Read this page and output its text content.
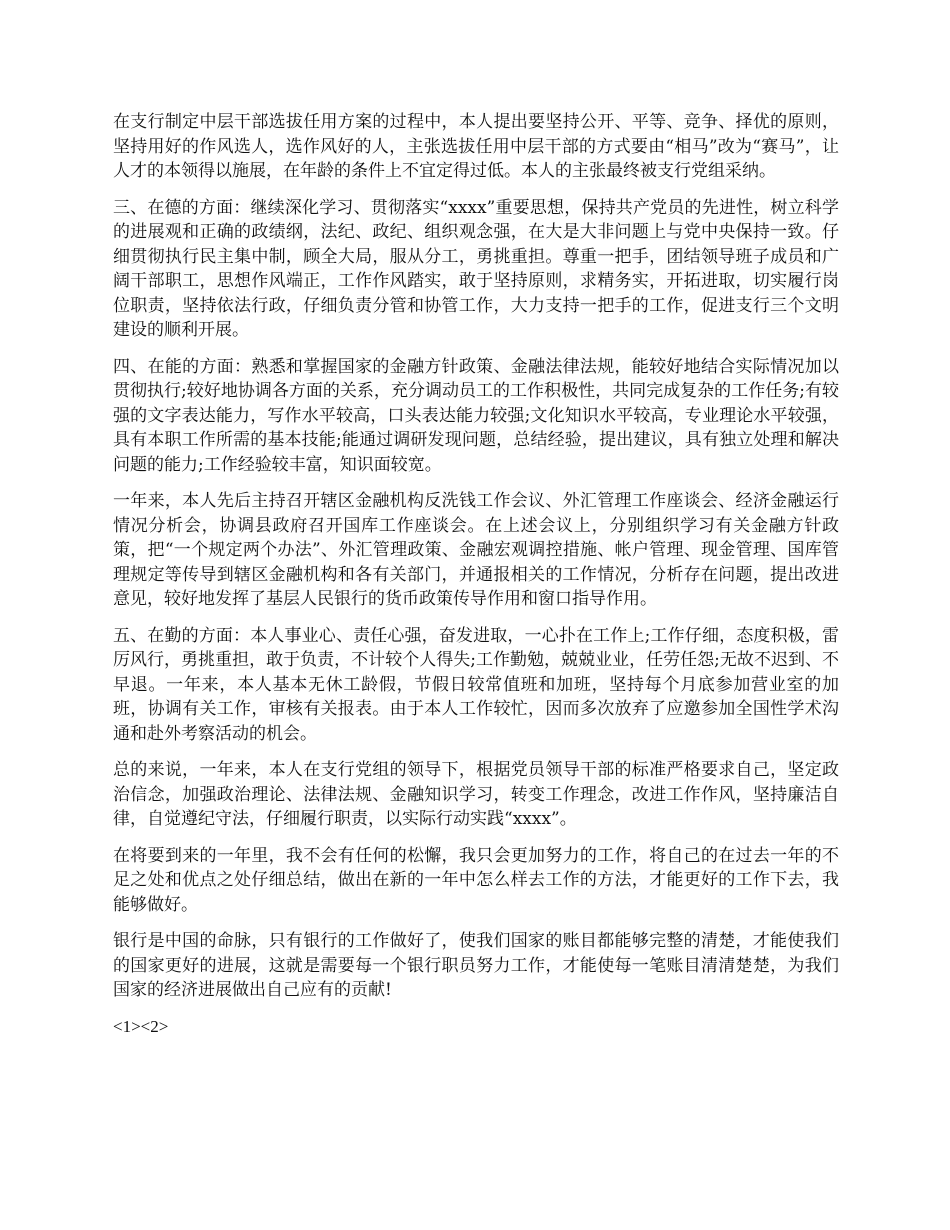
在支行制定中层干部选拔任用方案的过程中，本人提出要坚持公开、平等、竞争、择优的原则，坚持用好的作风选人，选作风好的人，主张选拔任用中层干部的方式要由“相马”改为“赛马”，让人才的本领得以施展，在年龄的条件上不宜定得过低。本人的主张最终被支行党组采纳。

三、在德的方面：继续深化学习、贯彻落实“xxxx”重要思想，保持共产党员的先进性，树立科学的进展观和正确的政绩纲，法纪、政纪、组织观念强，在大是大非问题上与党中央保持一致。仔细贯彻执行民主集中制，顾全大局，服从分工，勇挑重担。尊重一把手，团结领导班子成员和广阔干部职工，思想作风端正，工作作风踏实，敢于坚持原则，求精务实，开拓进取，切实履行岗位职责，坚持依法行政，仔细负责分管和协管工作，大力支持一把手的工作，促进支行三个文明建设的顺利开展。

四、在能的方面：熟悉和掌握国家的金融方针政策、金融法律法规，能较好地结合实际情况加以贯彻执行;较好地协调各方面的关系，充分调动员工的工作积极性，共同完成复杂的工作任务;有较强的文字表达能力，写作水平较高，口头表达能力较强;文化知识水平较高，专业理论水平较强，具有本职工作所需的基本技能;能通过调研发现问题，总结经验，提出建议，具有独立处理和解决问题的能力;工作经验较丰富，知识面较宽。

一年来，本人先后主持召开辖区金融机构反洗钱工作会议、外汇管理工作座谈会、经济金融运行情况分析会，协调县政府召开国库工作座谈会。在上述会议上，分别组织学习有关金融方针政策，把“一个规定两个办法”、外汇管理政策、金融宏观调控措施、帐户管理、现金管理、国库管理规定等传导到辖区金融机构和各有关部门，并通报相关的工作情况，分析存在问题，提出改进意见，较好地发挥了基层人民银行的货币政策传导作用和窗口指导作用。

五、在勤的方面：本人事业心、责任心强，奋发进取，一心扑在工作上;工作仔细，态度积极，雷厉风行，勇挑重担，敢于负责，不计较个人得失;工作勤勉，兢兢业业，任劳任怨;无故不迟到、不早退。一年来，本人基本无休工龄假，节假日较常值班和加班，坚持每个月底参加营业室的加班，协调有关工作，审核有关报表。由于本人工作较忙，因而多次放弃了应邀参加全国性学术沟通和赴外考察活动的机会。

总的来说，一年来，本人在支行党组的领导下，根据党员领导干部的标准严格要求自己，坚定政治信念，加强政治理论、法律法规、金融知识学习，转变工作理念，改进工作作风，坚持廉洁自律，自觉遵纪守法，仔细履行职责，以实际行动实践“xxxx”。

在将要到来的一年里，我不会有任何的松懈，我只会更加努力的工作，将自己的在过去一年的不足之处和优点之处仔细总结，做出在新的一年中怎么样去工作的方法，才能更好的工作下去，我能够做好。

银行是中国的命脉，只有银行的工作做好了，使我们国家的账目都能够完整的清楚，才能使我们的国家更好的进展，这就是需要每一个银行职员努力工作，才能使每一笔账目清清楚楚，为我们国家的经济进展做出自己应有的贡献!

<1><2>
